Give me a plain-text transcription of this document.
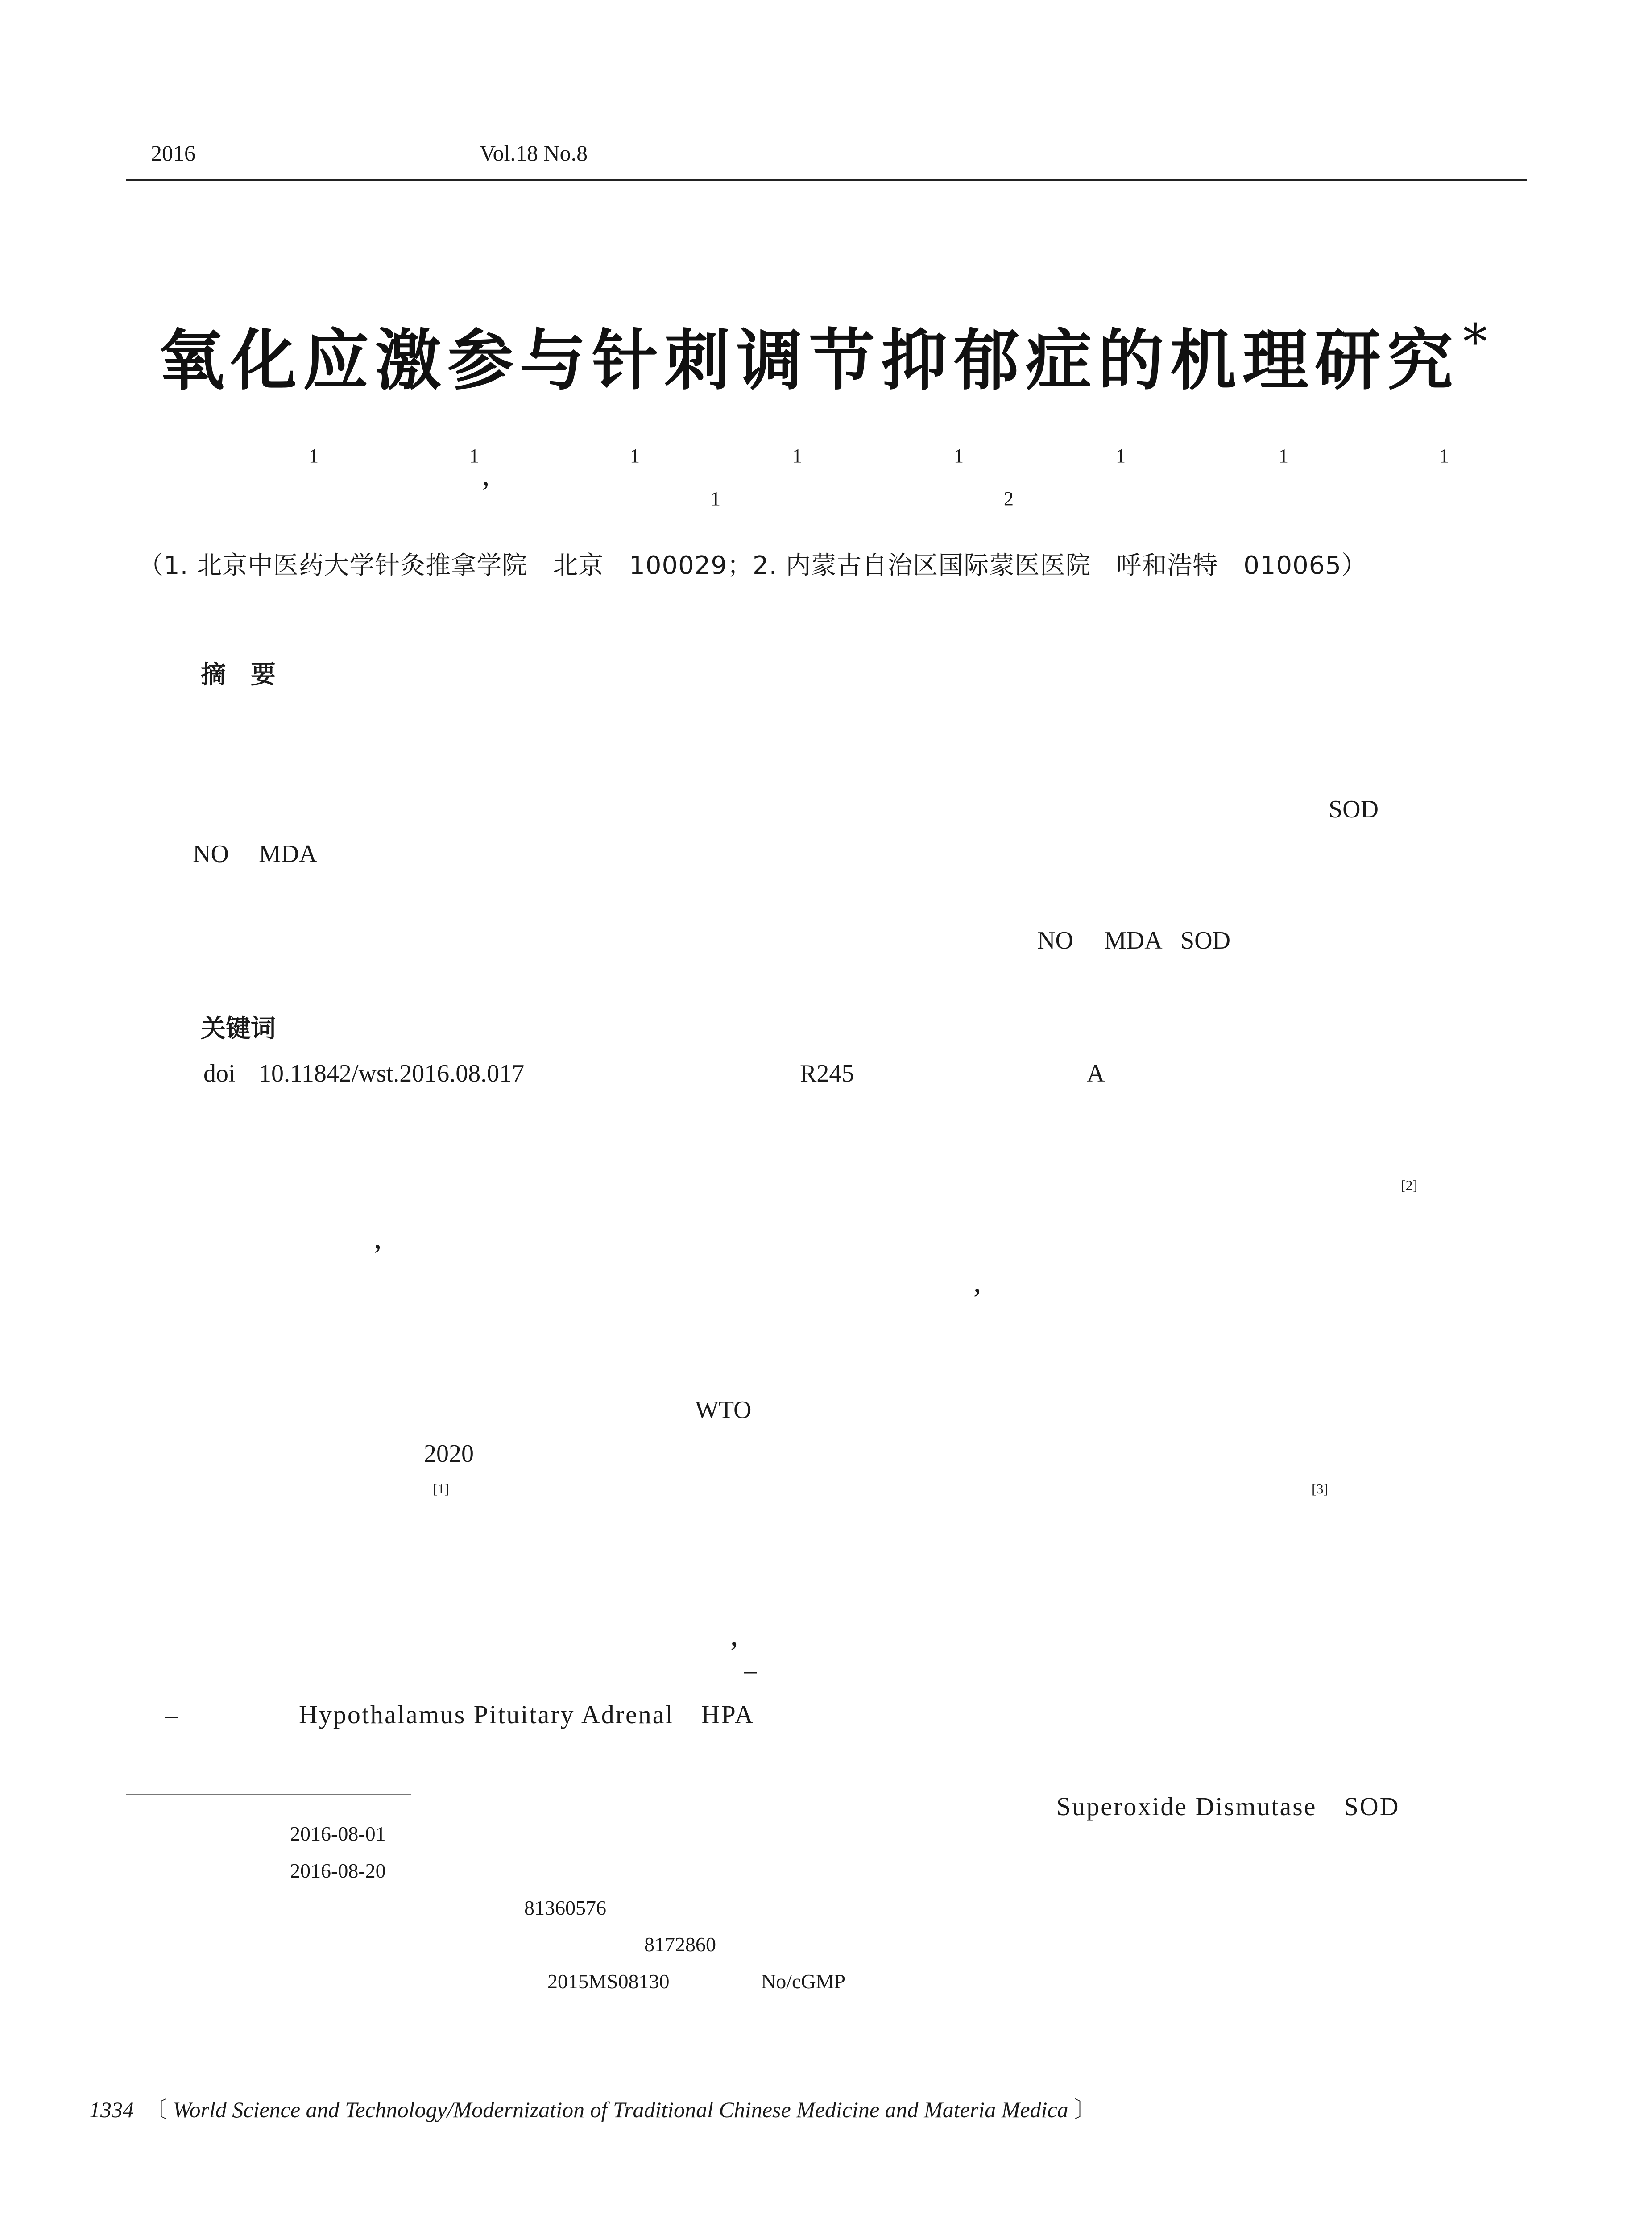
2016	Vol.18 No.8
氧化应激参与针刺调节抑郁症的机理研究*
1	1
,
1	1	1	1	1	1
1	2
（1. 北京中医药大学针灸推拿学院　北京　100029；2. 内蒙古自治区国际蒙医医院　呼和浩特　010065）
摘　要
SOD
NO MDA
NO MDA SOD
关键词
doi 10.11842/wst.2016.08.017	R245	A
[2]
,
,
WTO
2020
[1]	[3]
,
–
–	Hypothalamus Pituitary Adrenal　HPA
Superoxide Dismutase　SOD
2016-08-01
2016-08-20
81360576
8172860
2015MS08130	No/cGMP
1334 〔 World Science and Technology/Modernization of Traditional Chinese Medicine and Materia Medica 〕
